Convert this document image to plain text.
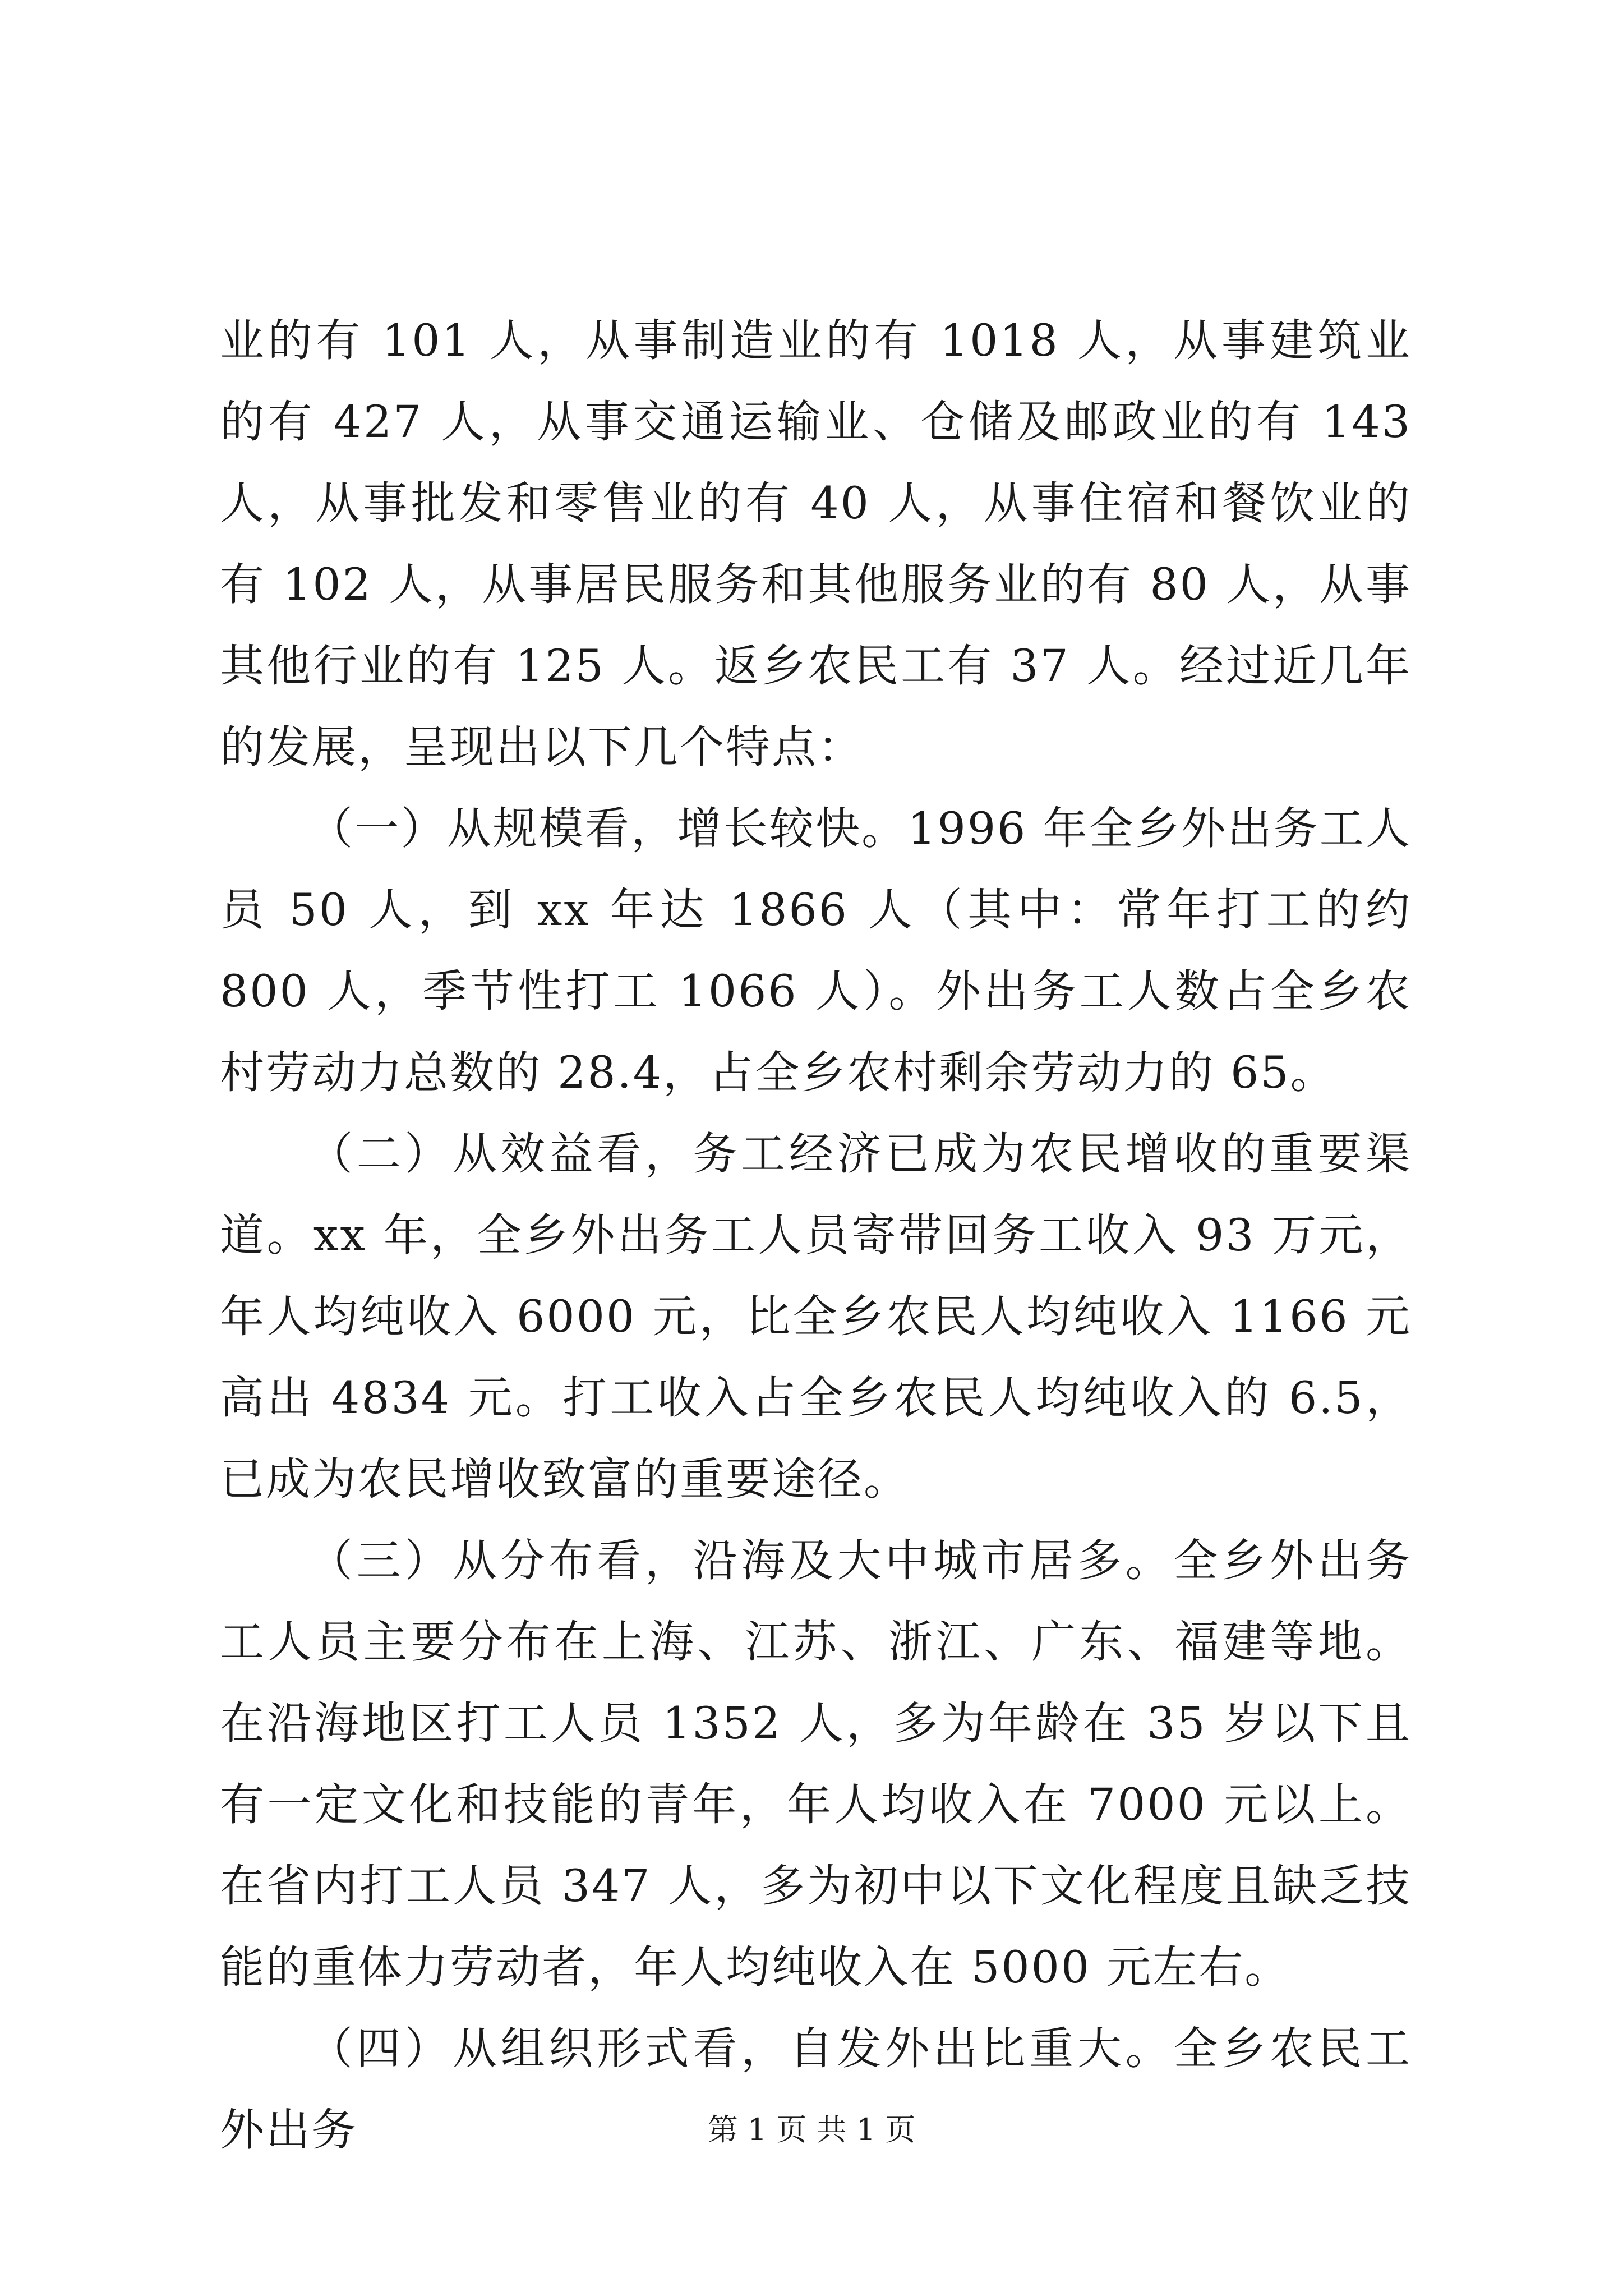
业的有 101 人，从事制造业的有 1018 人，从事建筑业的有 427 人，从事交通运输业、仓储及邮政业的有 143 人，从事批发和零售业的有 40 人，从事住宿和餐饮业的有 102 人，从事居民服务和其他服务业的有 80 人，从事其他行业的有 125 人。返乡农民工有 37 人。经过近几年的发展，呈现出以下几个特点：

（一）从规模看，增长较快。1996 年全乡外出务工人员 50 人，到 xx 年达 1866 人（其中：常年打工的约 800 人，季节性打工 1066 人）。外出务工人数占全乡农村劳动力总数的 28.4，占全乡农村剩余劳动力的 65。

（二）从效益看，务工经济已成为农民增收的重要渠道。xx 年，全乡外出务工人员寄带回务工收入 93 万元，年人均纯收入 6000 元，比全乡农民人均纯收入 1166 元高出 4834 元。打工收入占全乡农民人均纯收入的 6.5，已成为农民增收致富的重要途径。

（三）从分布看，沿海及大中城市居多。全乡外出务工人员主要分布在上海、江苏、浙江、广东、福建等地。在沿海地区打工人员 1352 人，多为年龄在 35 岁以下且有一定文化和技能的青年，年人均收入在 7000 元以上。在省内打工人员 347 人，多为初中以下文化程度且缺乏技能的重体力劳动者，年人均纯收入在 5000 元左右。

（四）从组织形式看，自发外出比重大。全乡农民工外出务	第 1 页 共 1 页
